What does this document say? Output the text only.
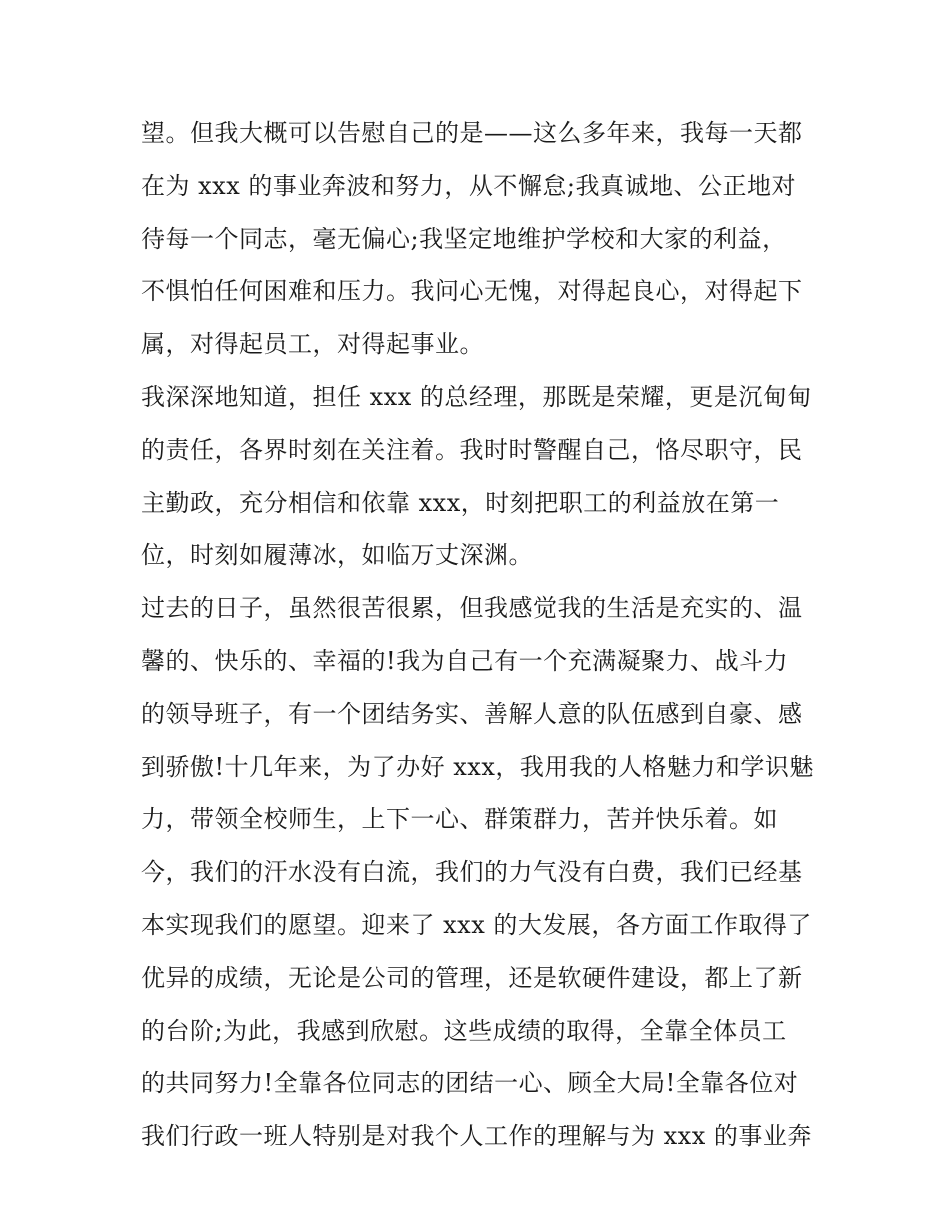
望。但我大概可以告慰自己的是——这么多年来，我每一天都
在为 xxx 的事业奔波和努力，从不懈怠;我真诚地、公正地对
待每一个同志，毫无偏心;我坚定地维护学校和大家的利益，
不惧怕任何困难和压力。我问心无愧，对得起良心，对得起下
属，对得起员工，对得起事业。
我深深地知道，担任 xxx 的总经理，那既是荣耀，更是沉甸甸
的责任，各界时刻在关注着。我时时警醒自己，恪尽职守，民
主勤政，充分相信和依靠 xxx，时刻把职工的利益放在第一
位，时刻如履薄冰，如临万丈深渊。
过去的日子，虽然很苦很累，但我感觉我的生活是充实的、温
馨的、快乐的、幸福的!我为自己有一个充满凝聚力、战斗力
的领导班子，有一个团结务实、善解人意的队伍感到自豪、感
到骄傲!十几年来，为了办好 xxx，我用我的人格魅力和学识魅
力，带领全校师生，上下一心、群策群力，苦并快乐着。如
今，我们的汗水没有白流，我们的力气没有白费，我们已经基
本实现我们的愿望。迎来了 xxx 的大发展，各方面工作取得了
优异的成绩，无论是公司的管理，还是软硬件建设，都上了新
的台阶;为此，我感到欣慰。这些成绩的取得，全靠全体员工
的共同努力!全靠各位同志的团结一心、顾全大局!全靠各位对
我们行政一班人特别是对我个人工作的理解与为 xxx 的事业奔
